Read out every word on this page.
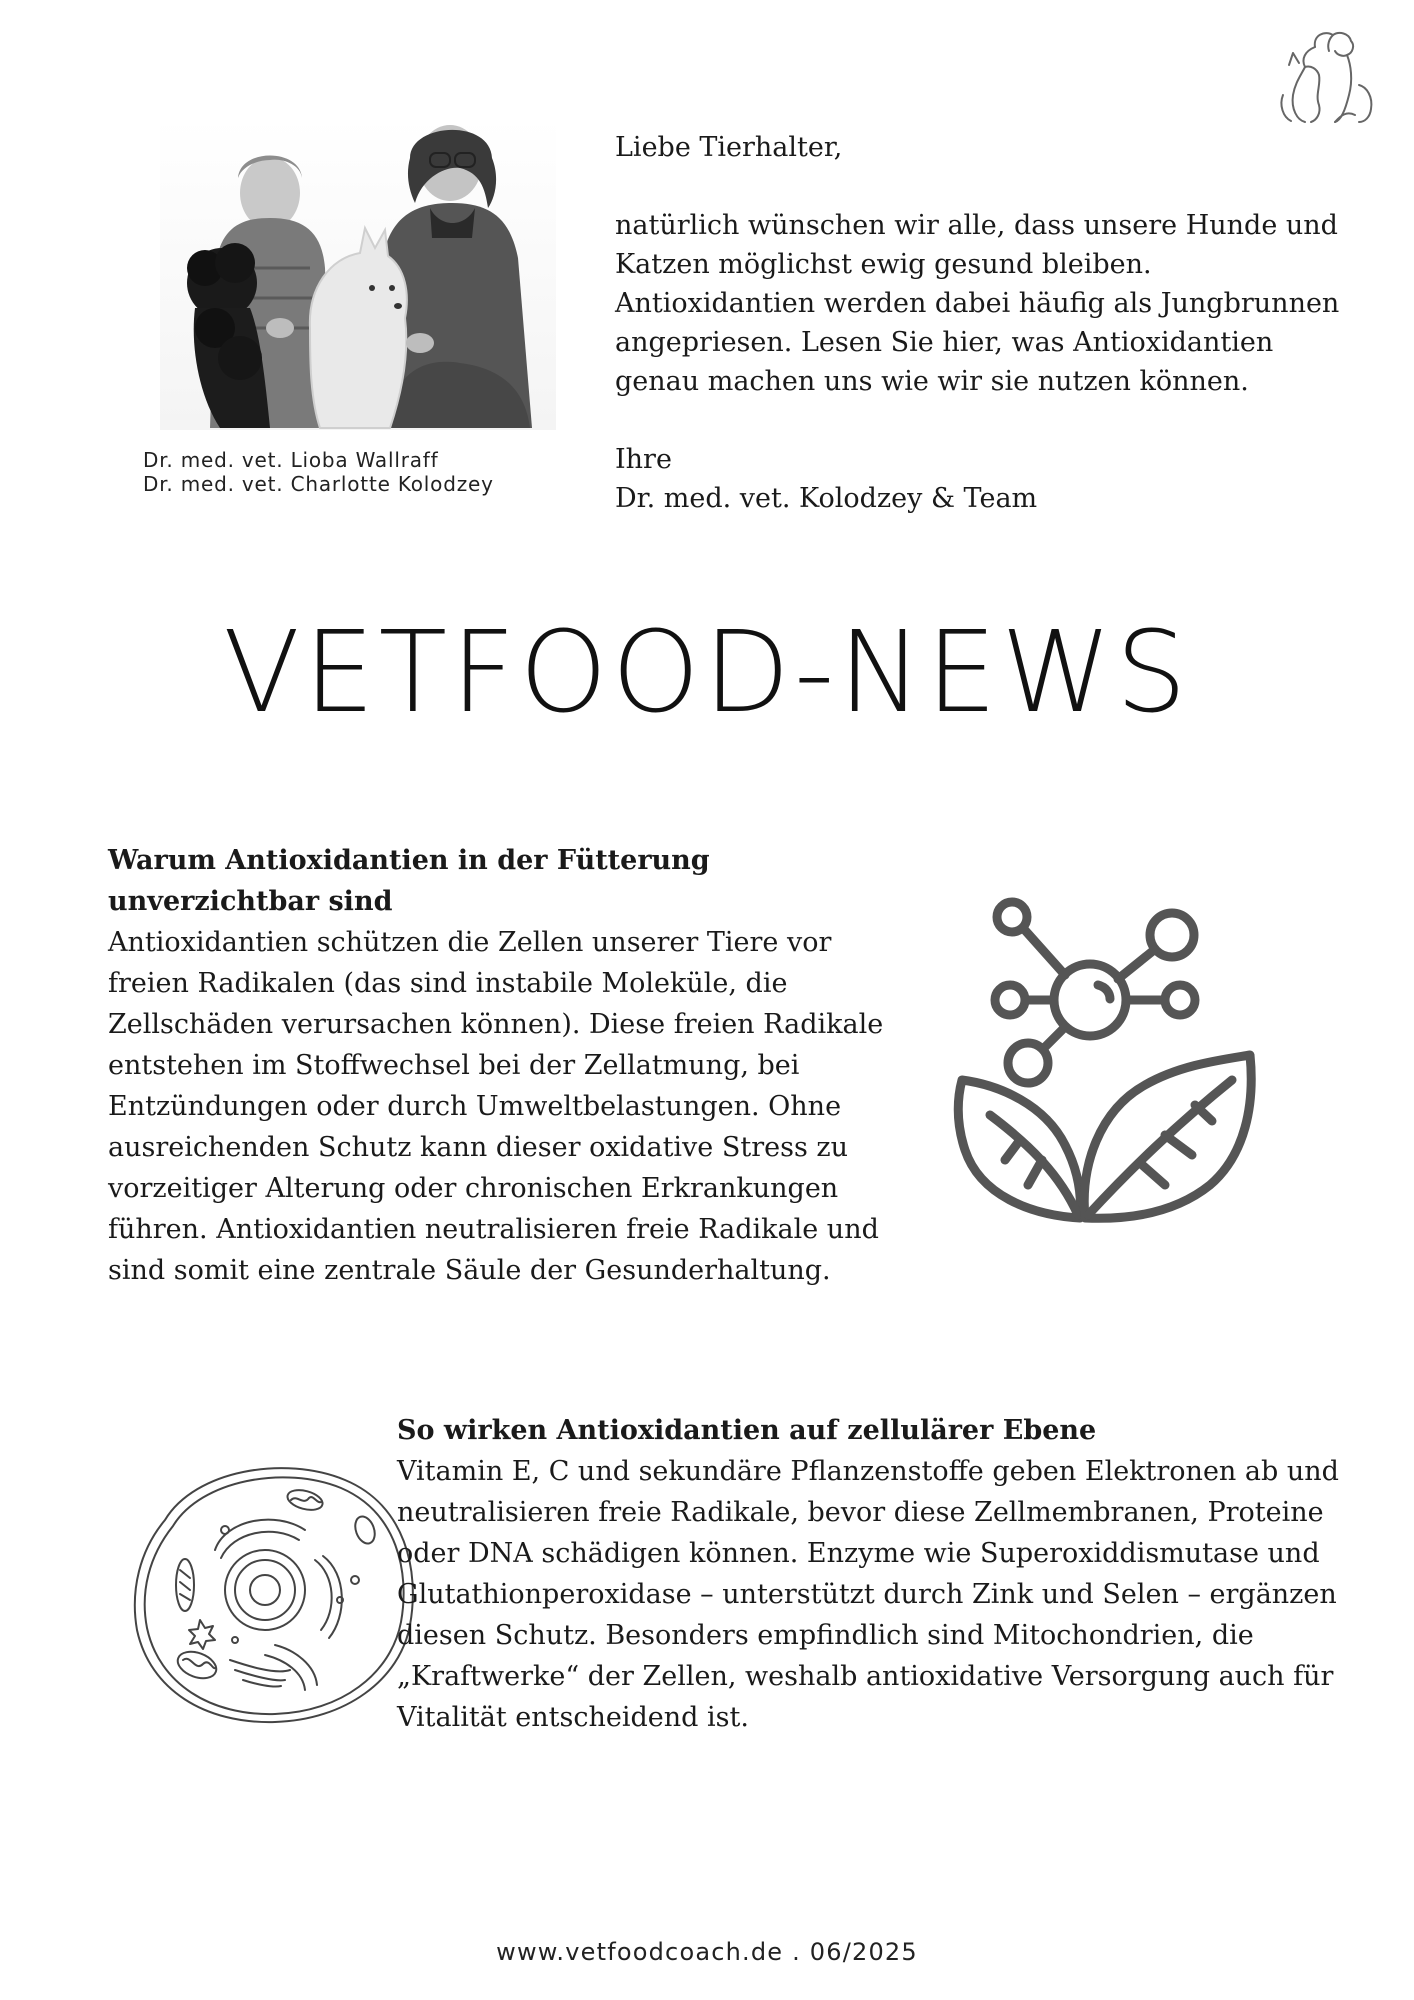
Dr. med. vet. Lioba Wallraff
Dr. med. vet. Charlotte Kolodzey

Liebe Tierhalter,

natürlich wünschen wir alle, dass unsere Hunde und Katzen möglichst ewig gesund bleiben. Antioxidantien werden dabei häufig als Jungbrunnen angepriesen. Lesen Sie hier, was Antioxidantien genau machen uns wie wir sie nutzen können.

Ihre

Dr. med. vet. Kolodzey & Team

VETFOOD-NEWS
Warum Antioxidantien in der Fütterung unverzichtbar sind

Antioxidantien schützen die Zellen unserer Tiere vor freien Radikalen (das sind instabile Moleküle, die Zellschäden verursachen können). Diese freien Radikale entstehen im Stoffwechsel bei der Zellatmung, bei Entzündungen oder durch Umweltbelastungen. Ohne ausreichenden Schutz kann dieser oxidative Stress zu vorzeitiger Alterung oder chronischen Erkrankungen führen. Antioxidantien neutralisieren freie Radikale und sind somit eine zentrale Säule der Gesunderhaltung.

So wirken Antioxidantien auf zellulärer Ebene

Vitamin E, C und sekundäre Pflanzenstoffe geben Elektronen ab und neutralisieren freie Radikale, bevor diese Zellmembranen, Proteine oder DNA schädigen können. Enzyme wie Superoxiddismutase und Glutathionperoxidase – unterstützt durch Zink und Selen – ergänzen diesen Schutz. Besonders empfindlich sind Mitochondrien, die „Kraftwerke“ der Zellen, weshalb antioxidative Versorgung auch für Vitalität entscheidend ist.

www.vetfoodcoach.de . 06/2025
